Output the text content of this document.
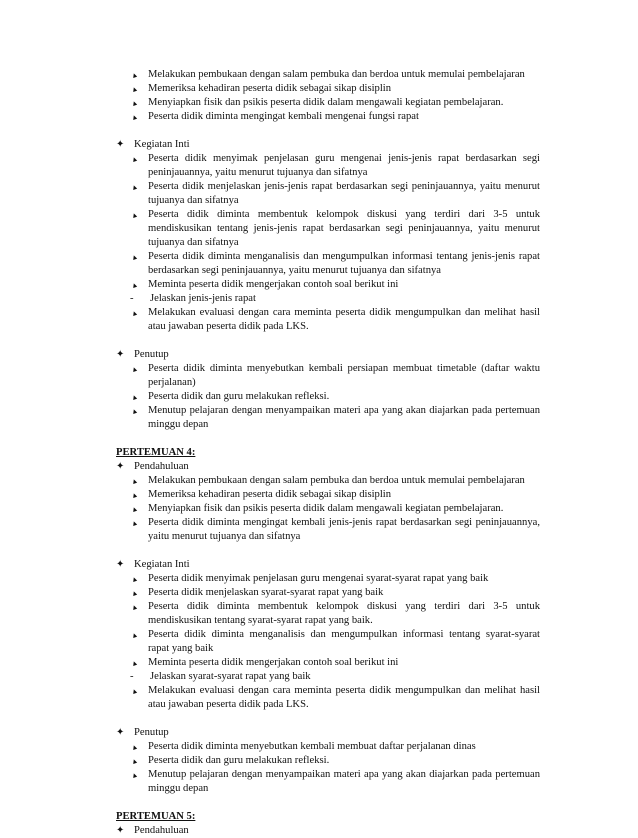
▲ Melakukan pembukaan dengan salam pembuka dan berdoa untuk memulai pembelajaran
▲ Memeriksa kehadiran peserta didik sebagai sikap disiplin
▲ Menyiapkan fisik dan psikis peserta didik dalam mengawali kegiatan pembelajaran.
▲ Peserta didik diminta mengingat kembali mengenai fungsi rapat
✦ Kegiatan Inti
▲ Peserta didik menyimak penjelasan guru mengenai jenis-jenis rapat berdasarkan segi peninjauannya, yaitu menurut tujuanya dan sifatnya
▲ Peserta didik menjelaskan jenis-jenis rapat berdasarkan segi peninjauannya, yaitu menurut tujuanya dan sifatnya
▲ Peserta didik diminta membentuk kelompok diskusi yang terdiri dari 3-5 untuk mendiskusikan tentang jenis-jenis rapat berdasarkan segi peninjauannya, yaitu menurut tujuanya dan sifatnya
▲ Peserta didik diminta menganalisis dan mengumpulkan informasi tentang jenis-jenis rapat berdasarkan segi peninjauannya, yaitu menurut tujuanya dan sifatnya
▲ Meminta peserta didik mengerjakan contoh soal berikut ini
- Jelaskan jenis-jenis rapat
▲ Melakukan evaluasi dengan cara meminta peserta didik mengumpulkan dan melihat hasil atau jawaban peserta didik pada LKS.
✦ Penutup
▲ Peserta didik diminta menyebutkan kembali persiapan membuat timetable (daftar waktu perjalanan)
▲ Peserta didik dan guru melakukan refleksi.
▲ Menutup pelajaran dengan menyampaikan materi apa yang akan diajarkan pada pertemuan minggu depan
PERTEMUAN 4:
✦ Pendahuluan
▲ Melakukan pembukaan dengan salam pembuka dan berdoa untuk memulai pembelajaran
▲ Memeriksa kehadiran peserta didik sebagai sikap disiplin
▲ Menyiapkan fisik dan psikis peserta didik dalam mengawali kegiatan pembelajaran.
▲ Peserta didik diminta mengingat kembali jenis-jenis rapat berdasarkan segi peninjauannya, yaitu menurut tujuanya dan sifatnya
✦ Kegiatan Inti
▲ Peserta didik menyimak penjelasan guru mengenai syarat-syarat rapat yang baik
▲ Peserta didik menjelaskan syarat-syarat rapat yang baik
▲ Peserta didik diminta membentuk kelompok diskusi yang terdiri dari 3-5 untuk mendiskusikan tentang syarat-syarat rapat yang baik.
▲ Peserta didik diminta menganalisis dan mengumpulkan informasi tentang syarat-syarat rapat yang baik
▲ Meminta peserta didik mengerjakan contoh soal berikut ini
- Jelaskan syarat-syarat rapat yang baik
▲ Melakukan evaluasi dengan cara meminta peserta didik mengumpulkan dan melihat hasil atau jawaban peserta didik pada LKS.
✦ Penutup
▲ Peserta didik diminta menyebutkan kembali membuat daftar perjalanan dinas
▲ Peserta didik dan guru melakukan refleksi.
▲ Menutup pelajaran dengan menyampaikan materi apa yang akan diajarkan pada pertemuan minggu depan
PERTEMUAN 5:
✦ Pendahuluan
